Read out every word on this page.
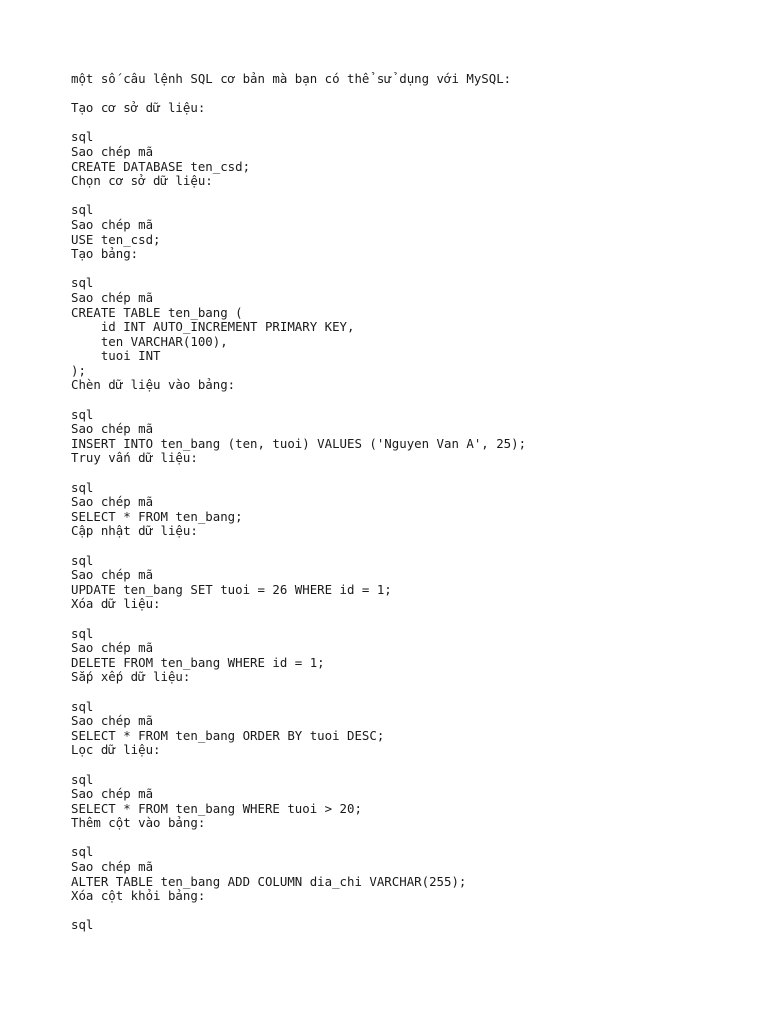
một số câu lệnh SQL cơ bản mà bạn có thể sử dụng với MySQL:
Tạo cơ sở dữ liệu:
sql
Sao chép mã
CREATE DATABASE ten_csd;
Chọn cơ sở dữ liệu:
sql
Sao chép mã
USE ten_csd;
Tạo bảng:
sql
Sao chép mã
CREATE TABLE ten_bang (
id INT AUTO_INCREMENT PRIMARY KEY,
ten VARCHAR(100),
tuoi INT
);
Chèn dữ liệu vào bảng:
sql
Sao chép mã
INSERT INTO ten_bang (ten, tuoi) VALUES ('Nguyen Van A', 25);
Truy vấn dữ liệu:
sql
Sao chép mã
SELECT * FROM ten_bang;
Cập nhật dữ liệu:
sql
Sao chép mã
UPDATE ten_bang SET tuoi = 26 WHERE id = 1;
Xóa dữ liệu:
sql
Sao chép mã
DELETE FROM ten_bang WHERE id = 1;
Sắp xếp dữ liệu:
sql
Sao chép mã
SELECT * FROM ten_bang ORDER BY tuoi DESC;
Lọc dữ liệu:
sql
Sao chép mã
SELECT * FROM ten_bang WHERE tuoi > 20;
Thêm cột vào bảng:
sql
Sao chép mã
ALTER TABLE ten_bang ADD COLUMN dia_chi VARCHAR(255);
Xóa cột khỏi bảng:
sql
